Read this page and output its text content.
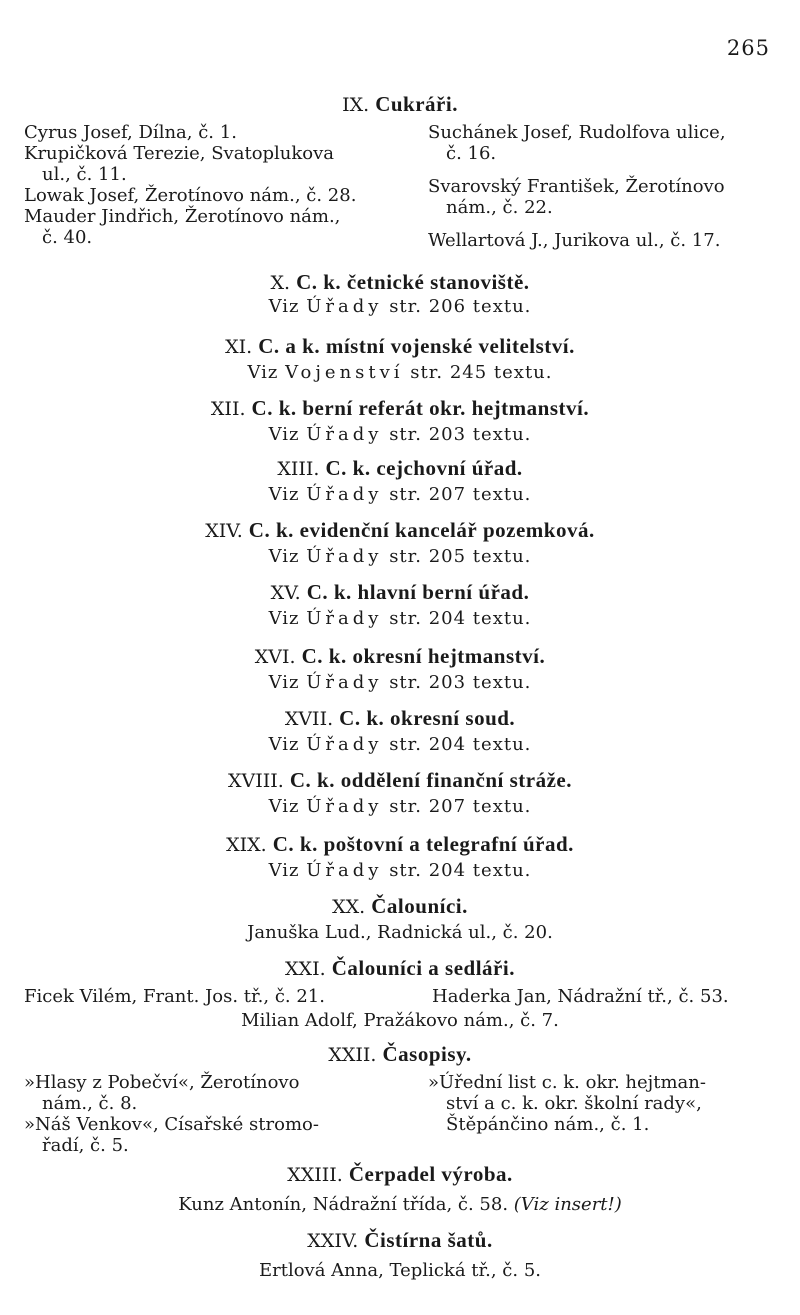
265
IX. Cukráři.
Cyrus Josef, Dílna, č. 1.
Krupičková Terezie, Svatoplukova
ul., č. 11.
Lowak Josef, Žerotínovo nám., č. 28.
Mauder Jindřich, Žerotínovo nám.,
č. 40.
Suchánek Josef, Rudolfova ulice,
č. 16.
Svarovský František, Žerotínovo
nám., č. 22.
Wellartová J., Jurikova ul., č. 17.
X. C. k. četnické stanoviště.
Viz Úřady str. 206 textu.
XI. C. a k. místní vojenské velitelství.
Viz Vojenství str. 245 textu.
XII. C. k. berní referát okr. hejtmanství.
Viz Úřady str. 203 textu.
XIII. C. k. cejchovní úřad.
Viz Úřady str. 207 textu.
XIV. C. k. evidenční kancelář pozemková.
Viz Úřady str. 205 textu.
XV. C. k. hlavní berní úřad.
Viz Úřady str. 204 textu.
XVI. C. k. okresní hejtmanství.
Viz Úřady str. 203 textu.
XVII. C. k. okresní soud.
Viz Úřady str. 204 textu.
XVIII. C. k. oddělení finanční stráže.
Viz Úřady str. 207 textu.
XIX. C. k. poštovní a telegrafní úřad.
Viz Úřady str. 204 textu.
XX. Čalouníci.
Januška Lud., Radnická ul., č. 20.
XXI. Čalouníci a sedláři.
Ficek Vilém, Frant. Jos. tř., č. 21.	Haderka Jan, Nádražní tř., č. 53.
Milian Adolf, Pražákovo nám., č. 7.
XXII. Časopisy.
»Hlasy z Pobečví«, Žerotínovo
nám., č. 8.
»Náš Venkov«, Císařské stromo-
řadí, č. 5.
»Úřední list c. k. okr. hejtman-
ství a c. k. okr. školní rady«,
Štěpánčino nám., č. 1.
XXIII. Čerpadel výroba.
Kunz Antonín, Nádražní třída, č. 58. (Viz insert!)
XXIV. Čistírna šatů.
Ertlová Anna, Teplická tř., č. 5.
